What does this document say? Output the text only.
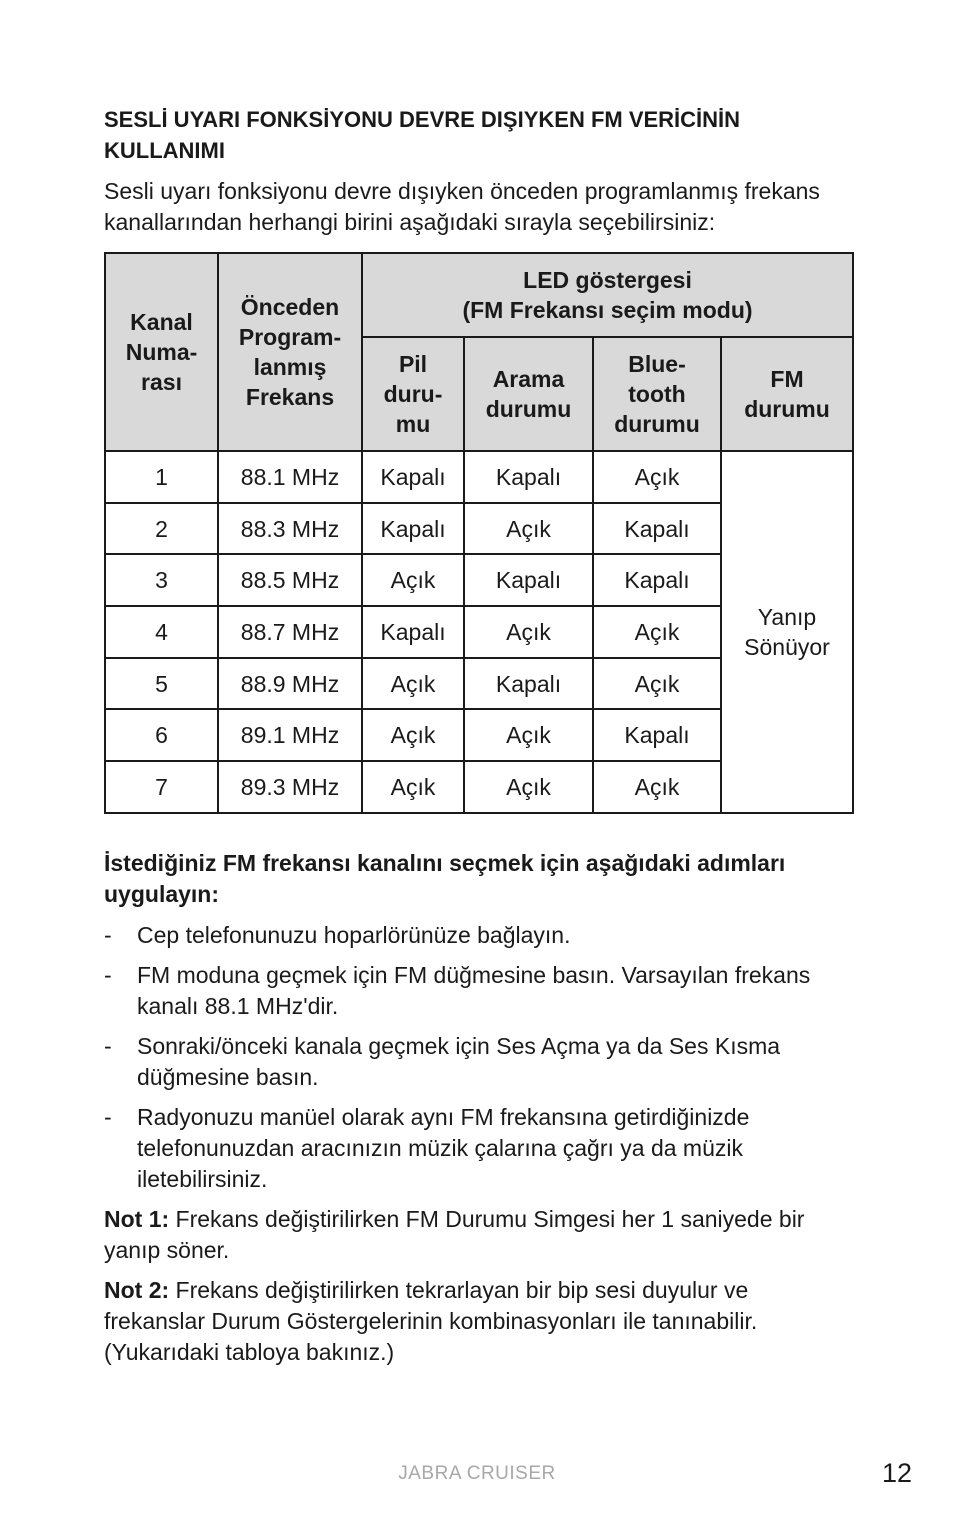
SESLİ UYARI FONKSİYONU DEVRE DIŞIYKEN FM VERİCİNİN KULLANIMI

Sesli uyarı fonksiyonu devre dışıyken önceden programlanmış frekans kanallarından herhangi birini aşağıdaki sırayla seçebilirsiniz:

Kanal Numa- rası	Önceden Program- lanmış Frekans	LED göstergesi
(FM Frekansı seçim modu)			

		Pil duru- mu	Arama durumu	Blue- tooth durumu	FM durumu
1	88.1 MHz	Kapalı	Kapalı	Açık	Yanıp Sönüyor
2	88.3 MHz	Kapalı	Açık	Kapalı	
3	88.5 MHz	Açık	Kapalı	Kapalı	
4	88.7 MHz	Kapalı	Açık	Açık	
5	88.9 MHz	Açık	Kapalı	Açık	
6	89.1 MHz	Açık	Açık	Kapalı	
7	89.3 MHz	Açık	Açık	Açık	
İstediğiniz FM frekansı kanalını seçmek için aşağıdaki adımları uygulayın:
- Cep telefonunuzu hoparlörünüze bağlayın.
- FM moduna geçmek için FM düğmesine basın. Varsayılan frekans kanalı 88.1 MHz'dir.
- Sonraki/önceki kanala geçmek için Ses Açma ya da Ses Kısma düğmesine basın.
- Radyonuzu manüel olarak aynı FM frekansına getirdiğinizde telefonunuzdan aracınızın müzik çalarına çağrı ya da müzik iletebilirsiniz.

Not 1: Frekans değiştirilirken FM Durumu Simgesi her 1 saniyede bir yanıp söner.

Not 2: Frekans değiştirilirken tekrarlayan bir bip sesi duyulur ve frekanslar Durum Göstergelerinin kombinasyonları ile tanınabilir. (Yukarıdaki tabloya bakınız.)

JABRA CRUISER	12
